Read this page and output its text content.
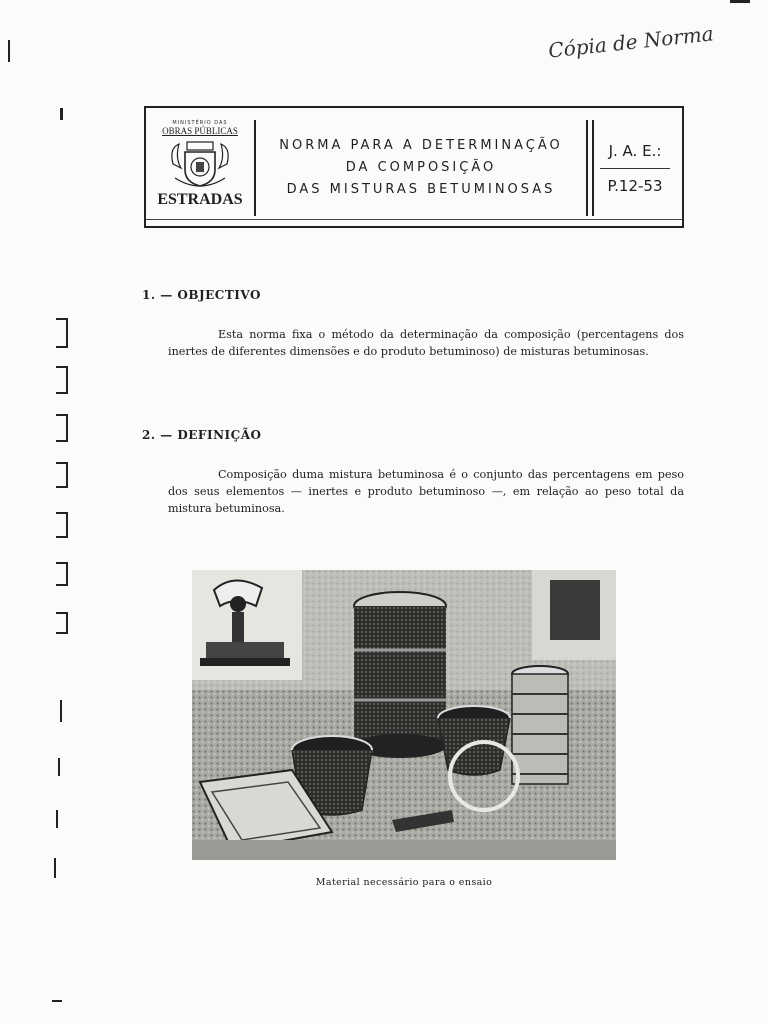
Cópia de Norma
MINISTÉRIO DAS
OBRAS PÚBLICAS
ESTRADAS
NORMA PARA A DETERMINAÇÃO
DA COMPOSIÇÃO
DAS MISTURAS BETUMINOSAS
J. A. E.:
P.12-53
1. — OBJECTIVO
Esta norma fixa o método da determinação da composição (percentagens dos inertes de diferentes dimensões e do produto betuminoso) de misturas betuminosas.
2. — DEFINIÇÃO
Composição duma mistura betuminosa é o conjunto das percentagens em peso dos seus elementos — inertes e produto betuminoso —, em relação ao peso total da mistura betuminosa.
Material necessário para o ensaio
